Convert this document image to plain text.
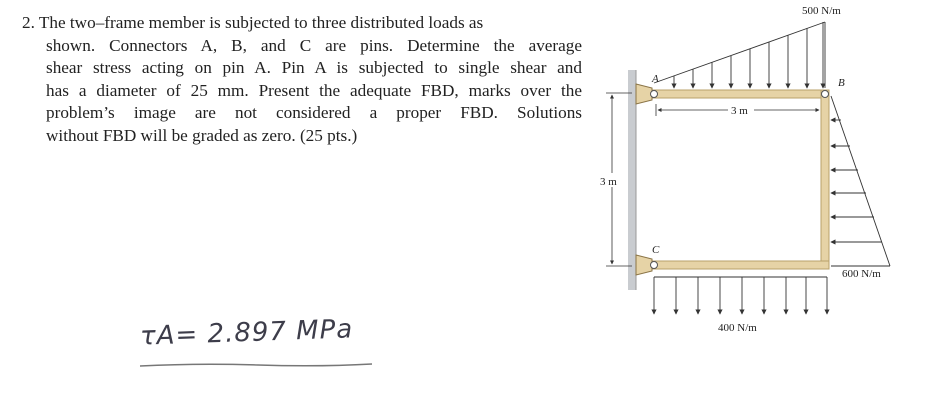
2. The two–frame member is subjected to three distributed loads as
shown. Connectors A, B, and C are pins. Determine the average
shear stress acting on pin A. Pin A is subjected to single shear and
has a diameter of 25 mm. Present the adequate FBD, marks over the
problem’s image are not considered a proper FBD. Solutions
without FBD will be graded as zero. (25 pts.)
τA= 2.897 MPa
3 m
A	B
C
500 N/m
3 m
600 N/m
400 N/m
